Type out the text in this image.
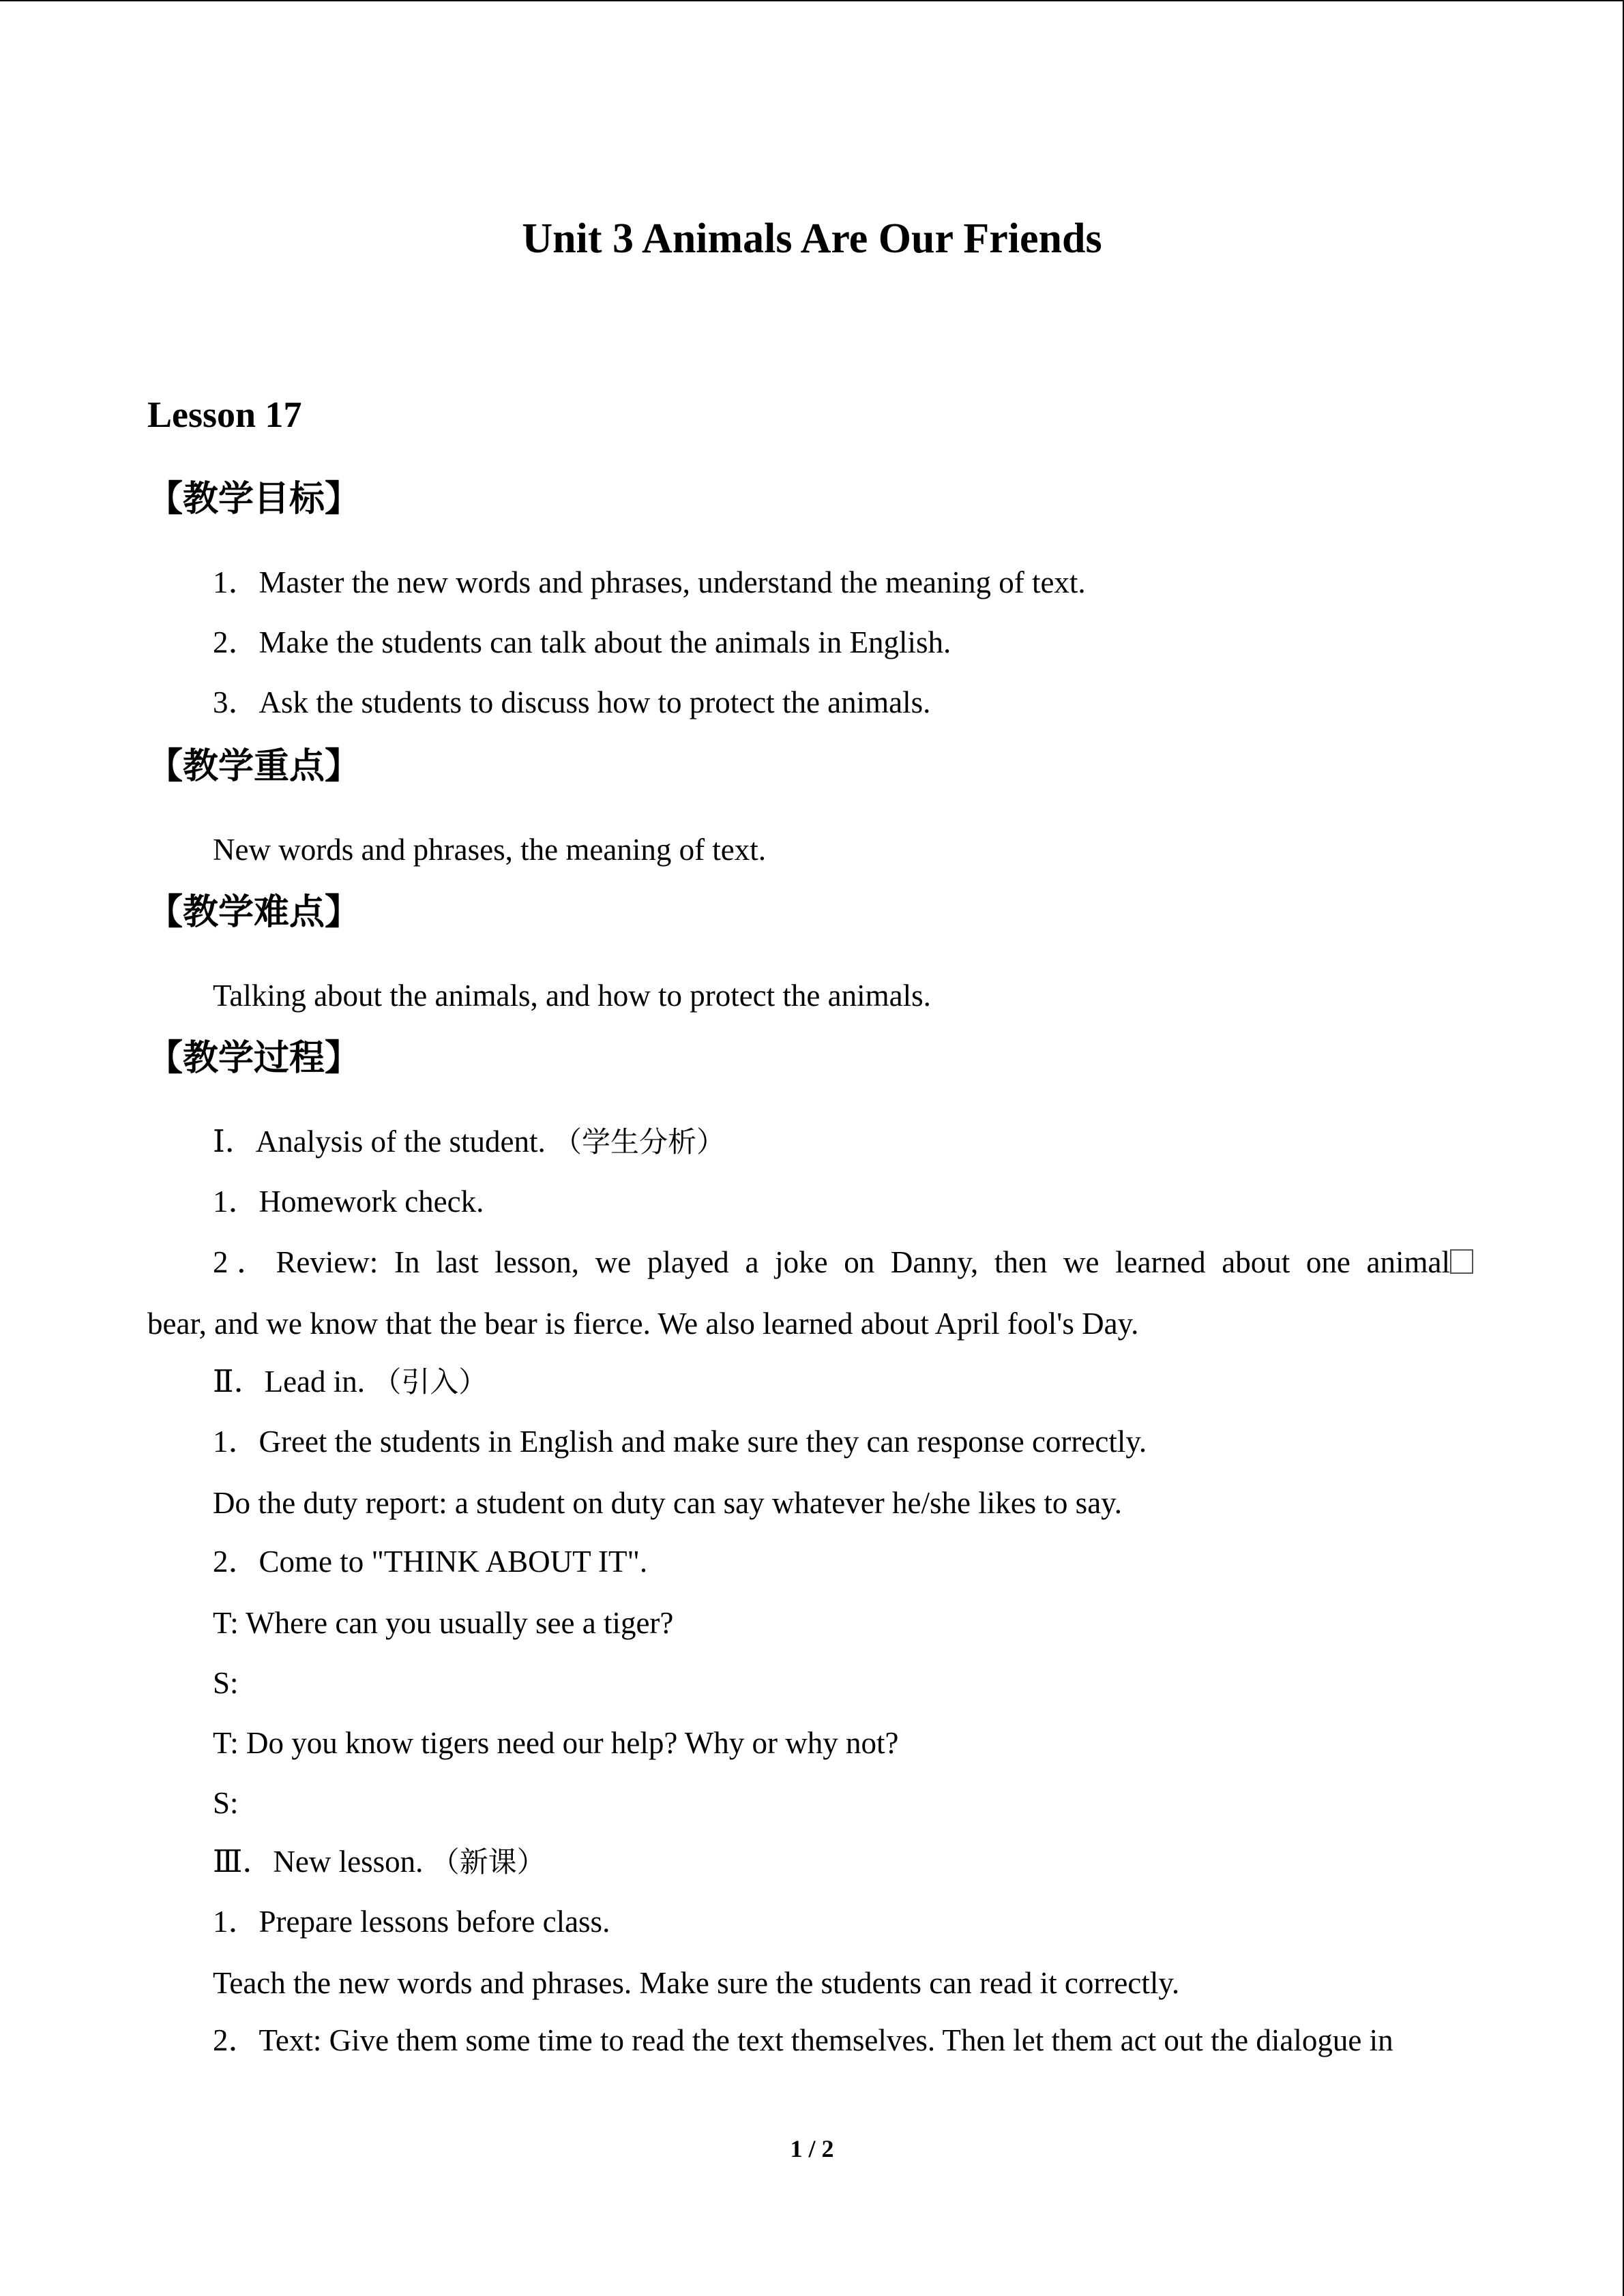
Unit 3 Animals Are Our Friends
Lesson 17
【教学目标】
1．Master the new words and phrases, understand the meaning of text.
2．Make the students can talk about the animals in English.
3．Ask the students to discuss how to protect the animals.
【教学重点】
New words and phrases, the meaning of text.
【教学难点】
Talking about the animals, and how to protect the animals.
【教学过程】
Ⅰ．Analysis of the student. （学生分析）
1．Homework check.
2．Review: In last lesson, we played a joke on Danny, then we learned about one animal
bear, and we know that the bear is fierce. We also learned about April fool's Day.
Ⅱ．Lead in. （引入）
1．Greet the students in English and make sure they can response correctly.
Do the duty report: a student on duty can say whatever he/she likes to say.
2．Come to "THINK ABOUT IT".
T: Where can you usually see a tiger?
S:
T: Do you know tigers need our help? Why or why not?
S:
Ⅲ．New lesson. （新课）
1．Prepare lessons before class.
Teach the new words and phrases. Make sure the students can read it correctly.
2．Text: Give them some time to read the text themselves. Then let them act out the dialogue in
1 / 2
